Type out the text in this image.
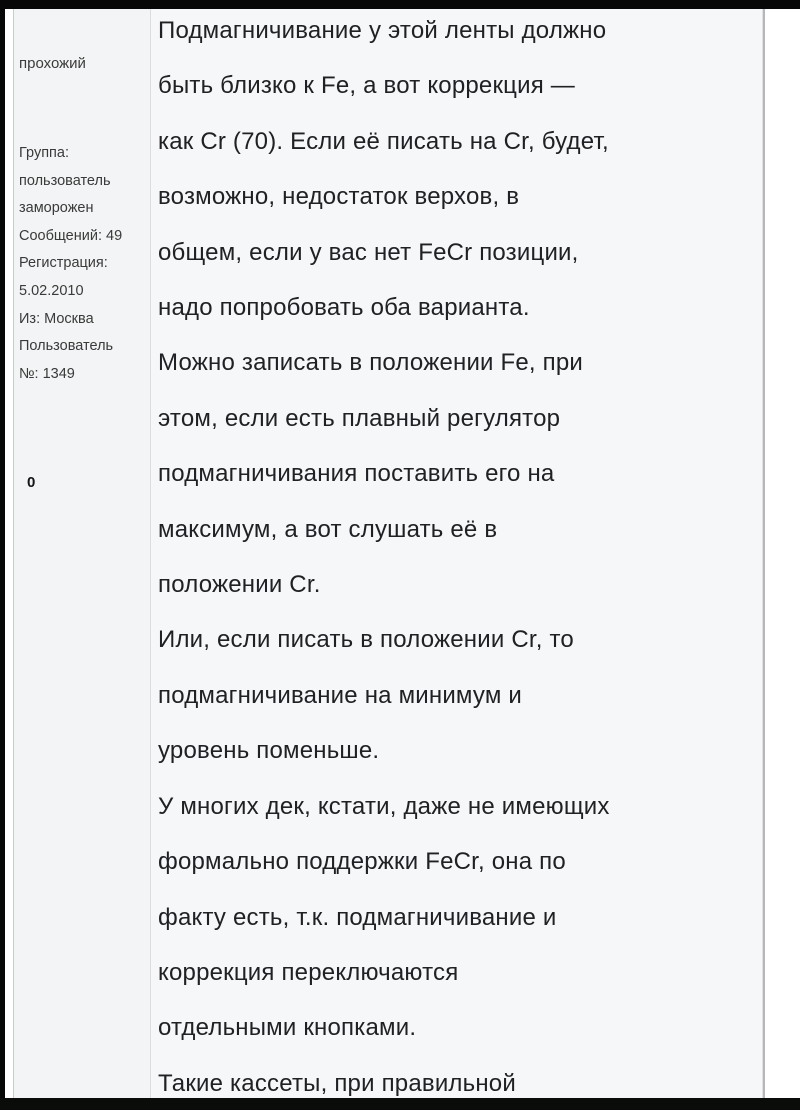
прохожий
Группа:
пользователь
заморожен
Сообщений: 49
Регистрация:
5.02.2010
Из: Москва
Пользователь
№: 1349
0
Подмагничивание у этой ленты должно
быть близко к Fe, а вот коррекция —
как Cr (70). Если её писать на Cr, будет,
возможно, недостаток верхов, в
общем, если у вас нет FeCr позиции,
надо попробовать оба варианта.
Можно записать в положении Fe, при
этом, если есть плавный регулятор
подмагничивания поставить его на
максимум, а вот слушать её в
положении Cr.
Или, если писать в положении Cr, то
подмагничивание на минимум и
уровень поменьше.
У многих дек, кстати, даже не имеющих
формально поддержки FeCr, она по
факту есть, т.к. подмагничивание и
коррекция переключаются
отдельными кнопками.
Такие кассеты, при правильной
